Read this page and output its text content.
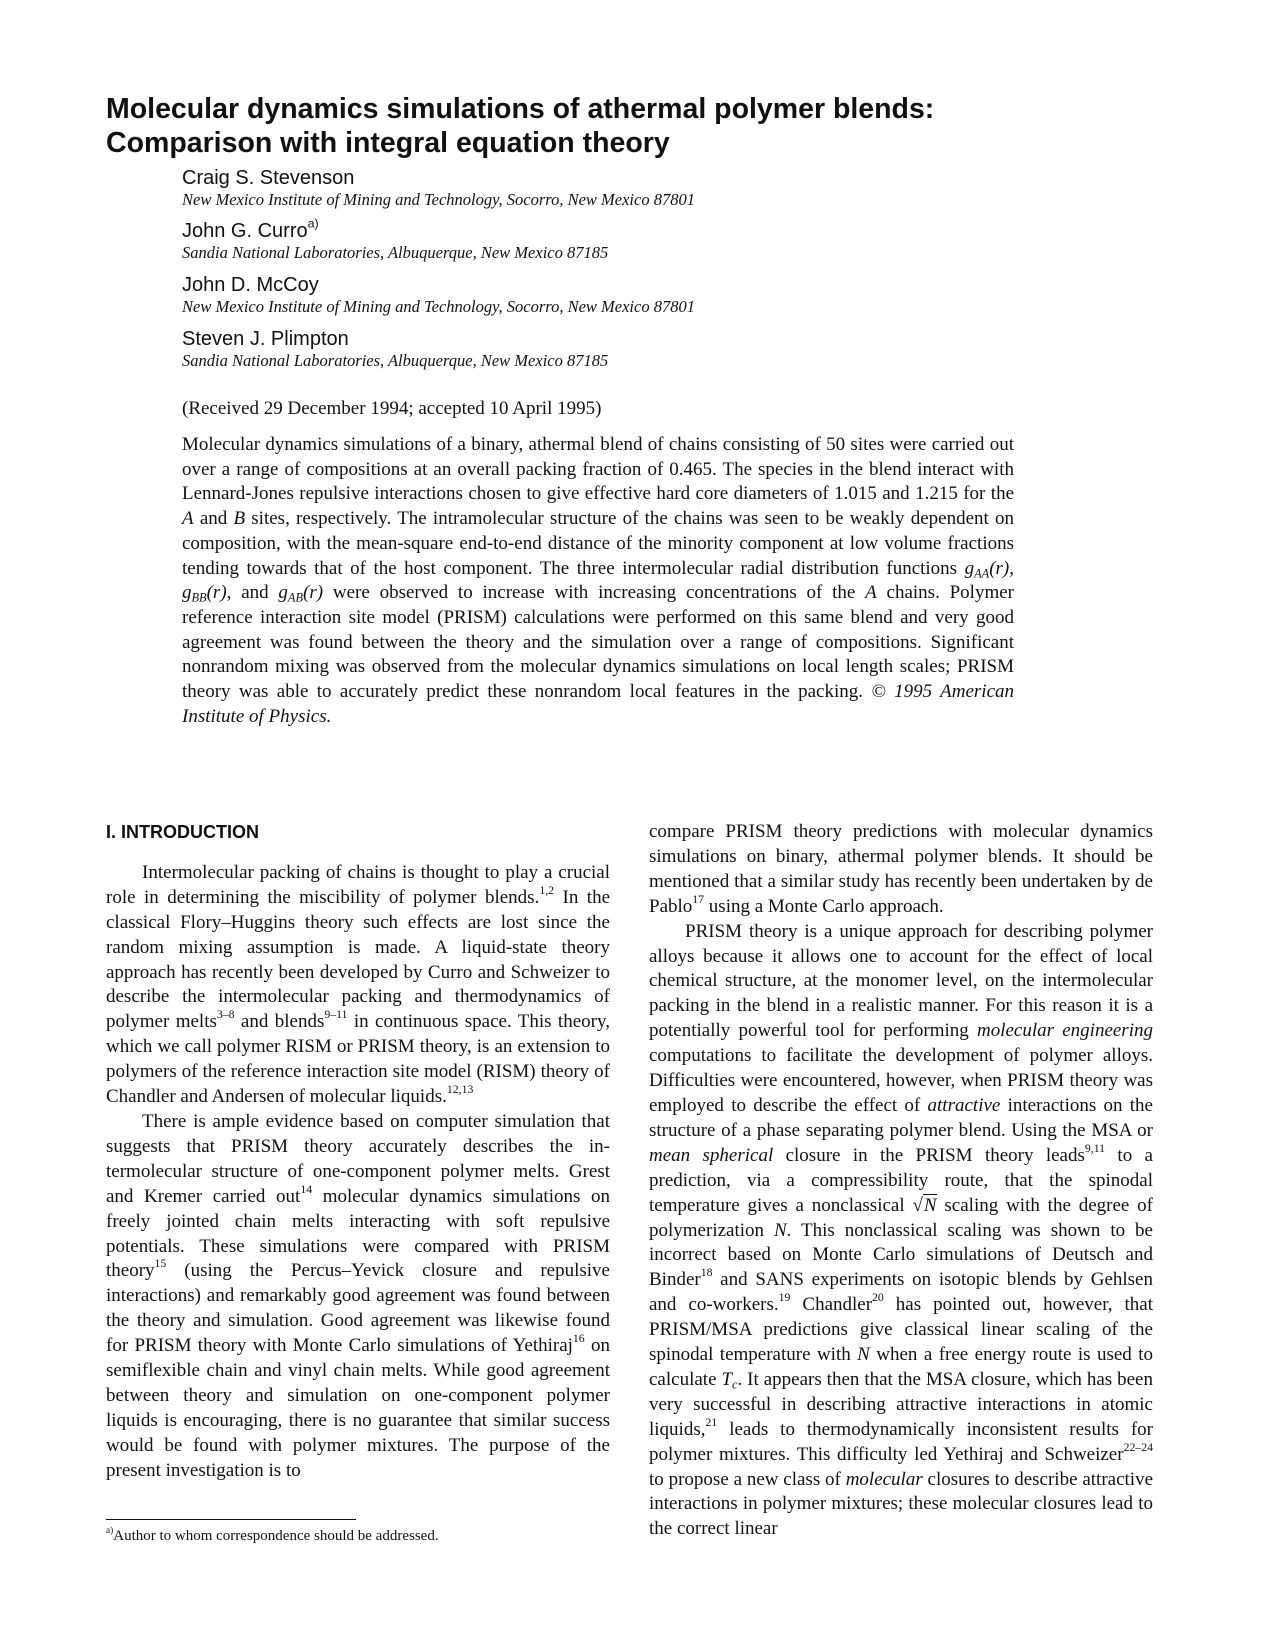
Molecular dynamics simulations of athermal polymer blends:
Comparison with integral equation theory
Craig S. Stevenson
New Mexico Institute of Mining and Technology, Socorro, New Mexico 87801
John G. Curro$^{a)}$
Sandia National Laboratories, Albuquerque, New Mexico 87185
John D. McCoy
New Mexico Institute of Mining and Technology, Socorro, New Mexico 87801
Steven J. Plimpton
Sandia National Laboratories, Albuquerque, New Mexico 87185
(Received 29 December 1994; accepted 10 April 1995)

Molecular dynamics simulations of a binary, athermal blend of chains consisting of 50 sites were carried out over a range of compositions at an overall packing fraction of 0.465. The species in the blend interact with Lennard-Jones repulsive interactions chosen to give effective hard core diameters of 1.015 and 1.215 for the A and B sites, respectively. The intramolecular structure of the chains was seen to be weakly dependent on composition, with the mean-square end-to-end distance of the minority component at low volume fractions tending towards that of the host component. The three intermolecular radial distribution functions $g_{AA}(r)$, $g_{BB}(r)$, and $g_{AB}(r)$ were observed to increase with increasing concentrations of the A chains. Polymer reference interaction site model (PRISM) calculations were performed on this same blend and very good agreement was found between the theory and the simulation over a range of compositions. Significant nonrandom mixing was observed from the molecular dynamics simulations on local length scales; PRISM theory was able to accurately predict these nonrandom local features in the packing. © 1995 American Institute of Physics.

I. INTRODUCTION

Intermolecular packing of chains is thought to play a crucial role in determining the miscibility of polymer blends.$^{1,2}$ In the classical Flory–Huggins theory such effects are lost since the random mixing assumption is made. A liquid-state theory approach has recently been developed by Curro and Schweizer to describe the intermolecular packing and thermodynamics of polymer melts$^{3-8}$ and blends$^{9-11}$ in continuous space. This theory, which we call polymer RISM or PRISM theory, is an extension to polymers of the reference interaction site model (RISM) theory of Chandler and Andersen of molecular liquids.$^{12,13}$

There is ample evidence based on computer simulation that suggests that PRISM theory accurately describes the intermolecular structure of one-component polymer melts. Grest and Kremer carried out$^{14}$ molecular dynamics simulations on freely jointed chain melts interacting with soft repulsive potentials. These simulations were compared with PRISM theory$^{15}$ (using the Percus–Yevick closure and repulsive interactions) and remarkably good agreement was found between the theory and simulation. Good agreement was likewise found for PRISM theory with Monte Carlo simulations of Yethiraj$^{16}$ on semiflexible chain and vinyl chain melts. While good agreement between theory and simulation on one-component polymer liquids is encouraging, there is no guarantee that similar success would be found with polymer mixtures. The purpose of the present investigation is to

compare PRISM theory predictions with molecular dynamics simulations on binary, athermal polymer blends. It should be mentioned that a similar study has recently been undertaken by de Pablo$^{17}$ using a Monte Carlo approach.

PRISM theory is a unique approach for describing polymer alloys because it allows one to account for the effect of local chemical structure, at the monomer level, on the intermolecular packing in the blend in a realistic manner. For this reason it is a potentially powerful tool for performing molecular engineering computations to facilitate the development of polymer alloys. Difficulties were encountered, however, when PRISM theory was employed to describe the effect of attractive interactions on the structure of a phase separating polymer blend. Using the MSA or mean spherical closure in the PRISM theory leads$^{9,11}$ to a prediction, via a compressibility route, that the spinodal temperature gives a nonclassical √N scaling with the degree of polymerization N. This nonclassical scaling was shown to be incorrect based on Monte Carlo simulations of Deutsch and Binder$^{18}$ and SANS experiments on isotopic blends by Gehlsen and co-workers.$^{19}$ Chandler$^{20}$ has pointed out, however, that PRISM/MSA predictions give classical linear scaling of the spinodal temperature with N when a free energy route is used to calculate $T_c$. It appears then that the MSA closure, which has been very successful in describing attractive interactions in atomic liquids,$^{21}$ leads to thermodynamically inconsistent results for polymer mixtures. This difficulty led Yethiraj and Schweizer$^{22-24}$ to propose a new class of molecular closures to describe attractive interactions in polymer mixtures; these molecular closures lead to the correct linear

$^{a)}$Author to whom correspondence should be addressed.
